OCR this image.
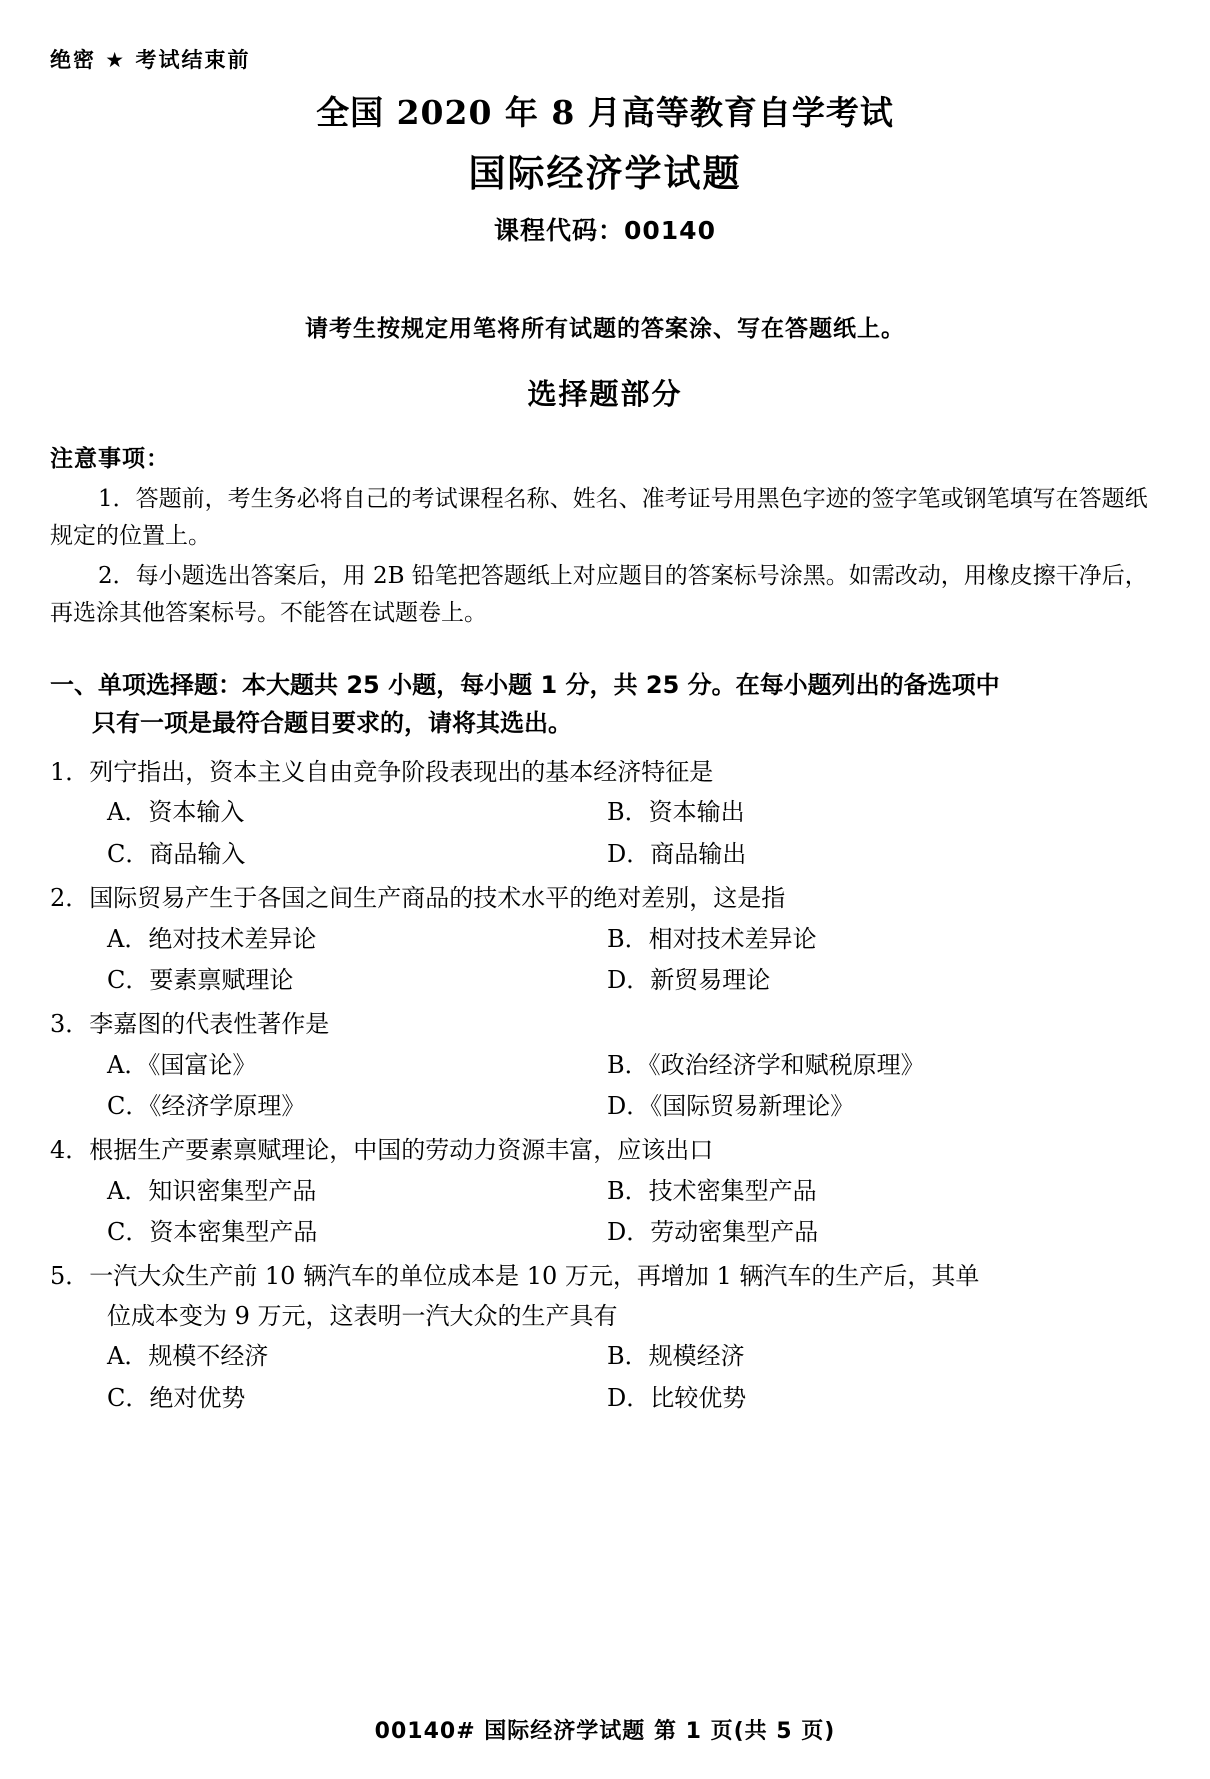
绝密 ★ 考试结束前
全国 2020 年 8 月高等教育自学考试
国际经济学试题
课程代码：00140
请考生按规定用笔将所有试题的答案涂、写在答题纸上。
选择题部分
注意事项：
1．答题前，考生务必将自己的考试课程名称、姓名、准考证号用黑色字迹的签字笔或钢笔填写在答题纸规定的位置上。
2．每小题选出答案后，用 2B 铅笔把答题纸上对应题目的答案标号涂黑。如需改动，用橡皮擦干净后，再选涂其他答案标号。不能答在试题卷上。
一、单项选择题：本大题共 25 小题，每小题 1 分，共 25 分。在每小题列出的备选项中
只有一项是最符合题目要求的，请将其选出。
1．列宁指出，资本主义自由竞争阶段表现出的基本经济特征是
A．资本输入	B．资本输出
C．商品输入	D．商品输出
2．国际贸易产生于各国之间生产商品的技术水平的绝对差别，这是指
A．绝对技术差异论	B．相对技术差异论
C．要素禀赋理论	D．新贸易理论
3．李嘉图的代表性著作是
A．《国富论》	B．《政治经济学和赋税原理》
C．《经济学原理》	D．《国际贸易新理论》
4．根据生产要素禀赋理论，中国的劳动力资源丰富，应该出口
A．知识密集型产品	B．技术密集型产品
C．资本密集型产品	D．劳动密集型产品
5．一汽大众生产前 10 辆汽车的单位成本是 10 万元，再增加 1 辆汽车的生产后，其单
位成本变为 9 万元，这表明一汽大众的生产具有
A．规模不经济	B．规模经济
C．绝对优势	D．比较优势
00140# 国际经济学试题 第 1 页(共 5 页)
